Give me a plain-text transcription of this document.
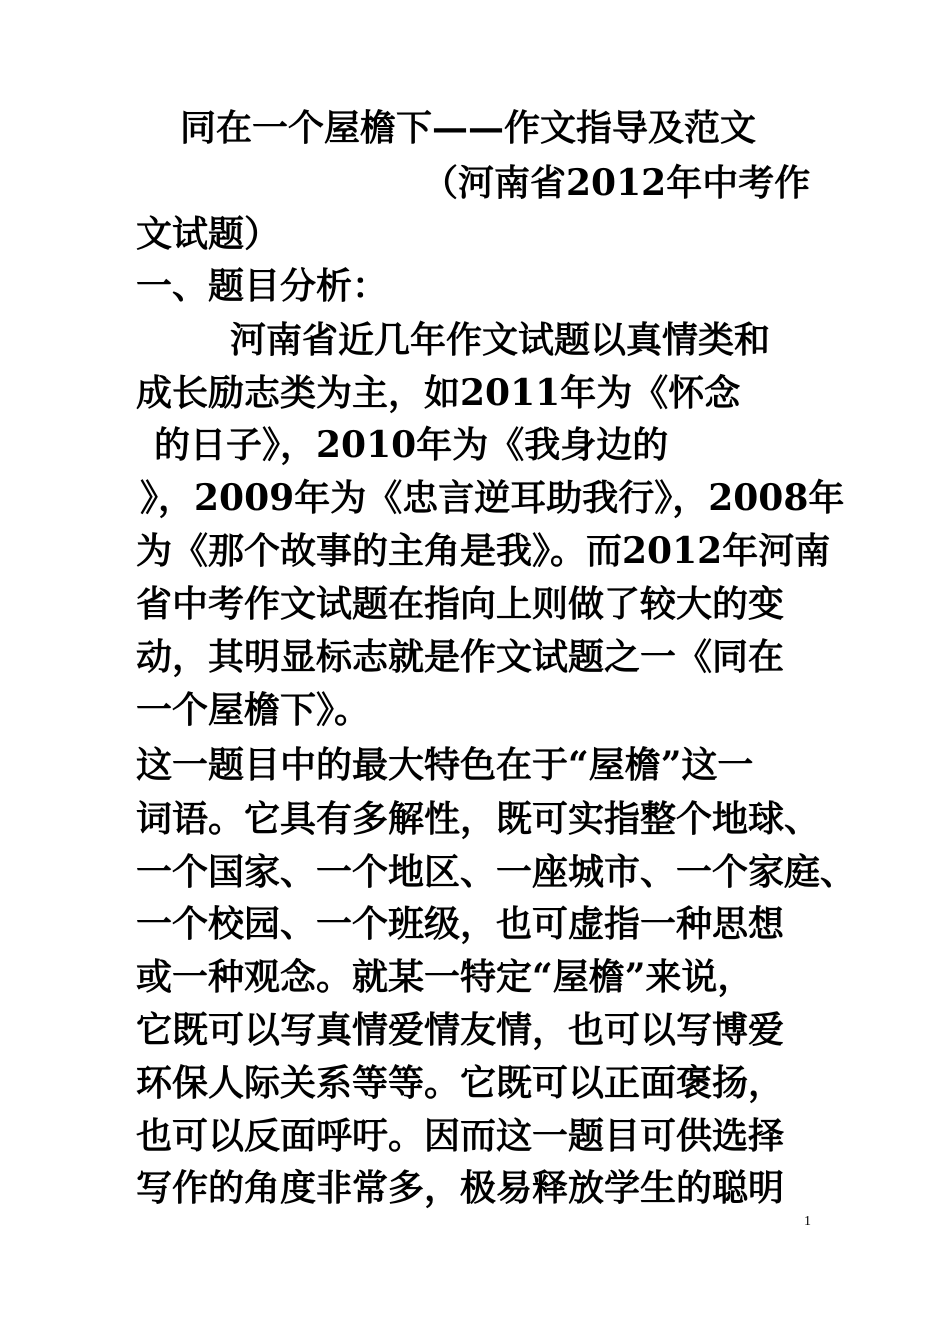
同在一个屋檐下——作文指导及范文
（河南省2012年中考作
文试题）
一、题目分析：
河南省近几年作文试题以真情类和
成长励志类为主，如2011年为《怀念
的日子》，2010年为《我身边的
》，2009年为《忠言逆耳助我行》，2008年
为《那个故事的主角是我》。而2012年河南
省中考作文试题在指向上则做了较大的变
动，其明显标志就是作文试题之一《同在
一个屋檐下》。
这一题目中的最大特色在于“屋檐”这一
词语。它具有多解性，既可实指整个地球、
一个国家、一个地区、一座城市、一个家庭、
一个校园、一个班级，也可虚指一种思想
或一种观念。就某一特定“屋檐”来说，
它既可以写真情爱情友情，也可以写博爱
环保人际关系等等。它既可以正面褒扬，
也可以反面呼吁。因而这一题目可供选择
写作的角度非常多，极易释放学生的聪明
1
